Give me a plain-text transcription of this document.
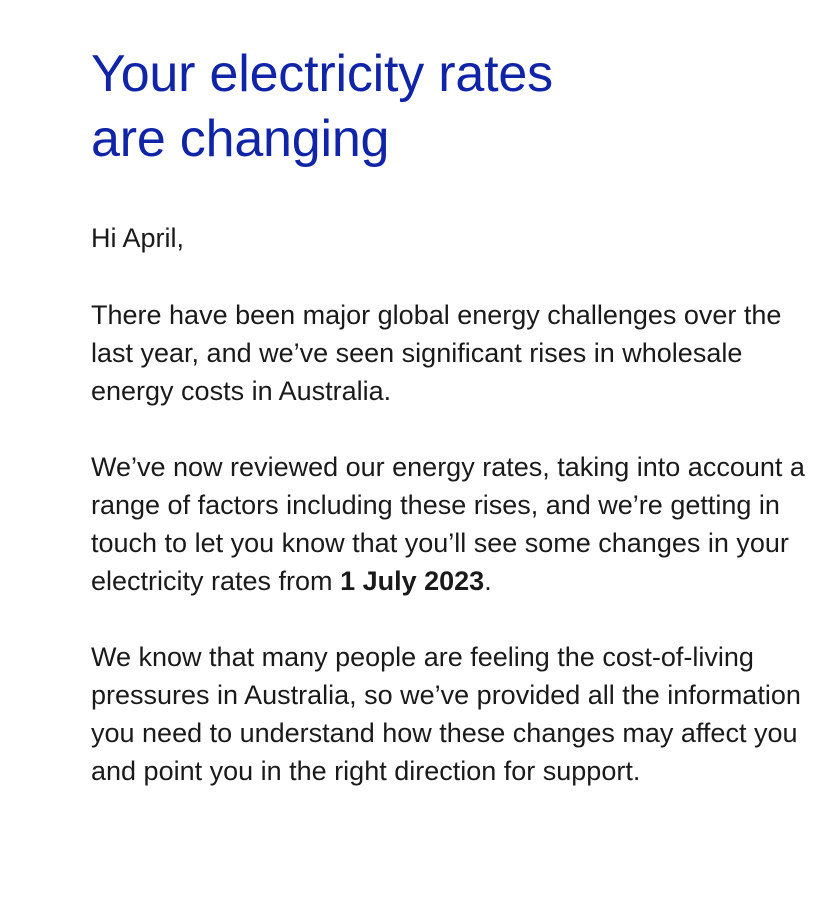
Your electricity rates
are changing

Hi April,

There have been major global energy challenges over the last year, and we’ve seen significant rises in wholesale energy costs in Australia.

We’ve now reviewed our energy rates, taking into account a range of factors including these rises, and we’re getting in touch to let you know that you’ll see some changes in your electricity rates from 1 July 2023.

We know that many people are feeling the cost-of-living pressures in Australia, so we’ve provided all the information you need to understand how these changes may affect you and point you in the right direction for support.
